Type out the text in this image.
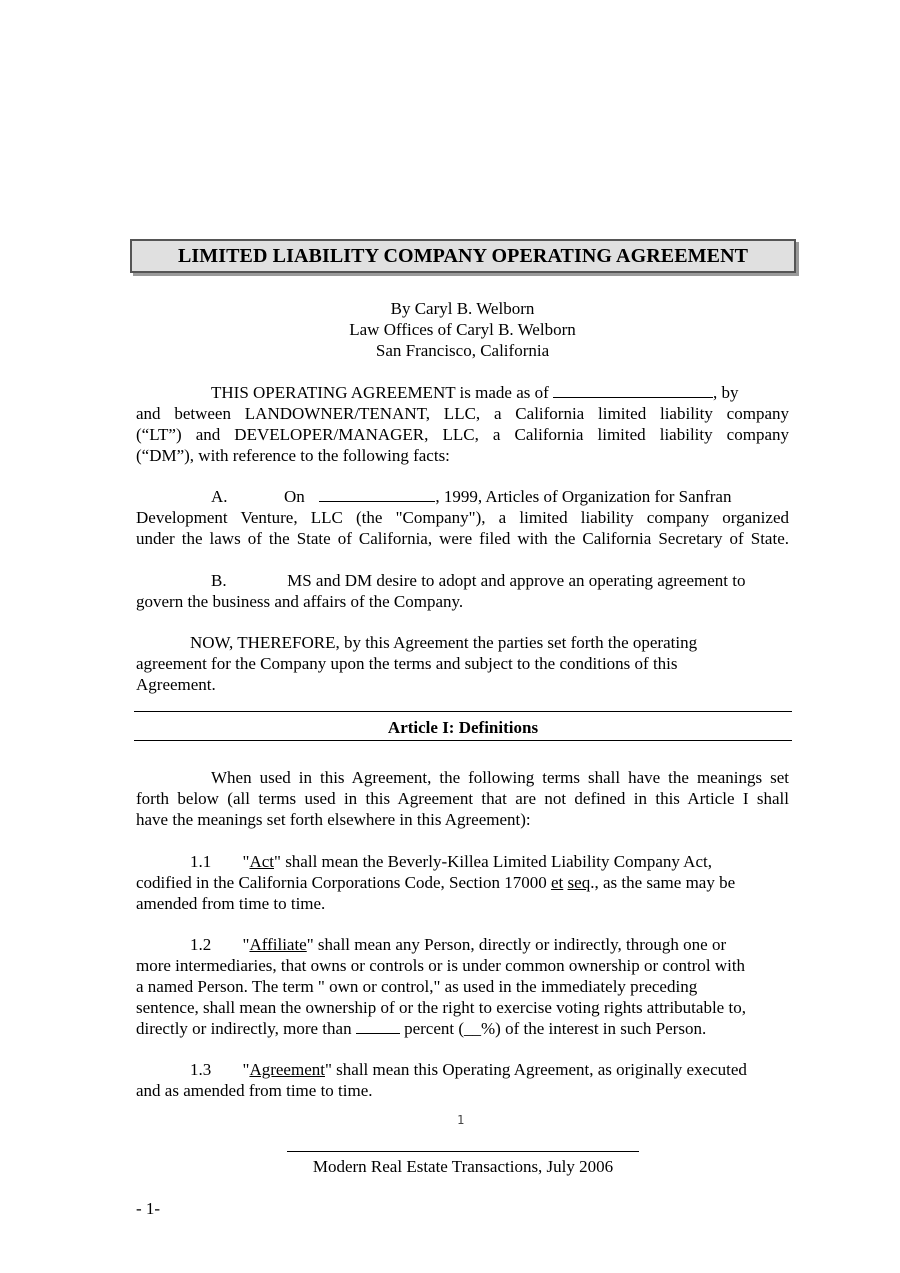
LIMITED LIABILITY COMPANY OPERATING AGREEMENT
By Caryl B. Welborn
Law Offices of Caryl B. Welborn
San Francisco, California
THIS OPERATING AGREEMENT is made as of	, by
and between LANDOWNER/TENANT, LLC, a California limited liability company
(“LT”) and DEVELOPER/MANAGER, LLC, a California limited liability company
(“DM”), with reference to the following facts:
A.	On	, 1999, Articles of Organization for Sanfran
Development Venture, LLC (the "Company"), a limited liability company organized
under the laws of the State of California, were filed with the California Secretary of State.
B.	MS and DM desire to adopt and approve an operating agreement to
govern the business and affairs of the Company.
NOW, THEREFORE, by this Agreement the parties set forth the operating
agreement for the Company upon the terms and subject to the conditions of this
Agreement.
Article I: Definitions
When used in this Agreement, the following terms shall have the meanings set
forth below (all terms used in this Agreement that are not defined in this Article I shall
have the meanings set forth elsewhere in this Agreement):
1.1 "Act" shall mean the Beverly-Killea Limited Liability Company Act,
codified in the California Corporations Code, Section 17000 et seq., as the same may be
amended from time to time.
1.2 "Affiliate" shall mean any Person, directly or indirectly, through one or
more intermediaries, that owns or controls or is under common ownership or control with
a named Person. The term " own or control," as used in the immediately preceding
sentence, shall mean the ownership of or the right to exercise voting rights attributable to,
directly or indirectly, more than	percent (__%) of the interest in such Person.
1.3 "Agreement" shall mean this Operating Agreement, as originally executed
and as amended from time to time.
1
Modern Real Estate Transactions, July 2006
- 1-
